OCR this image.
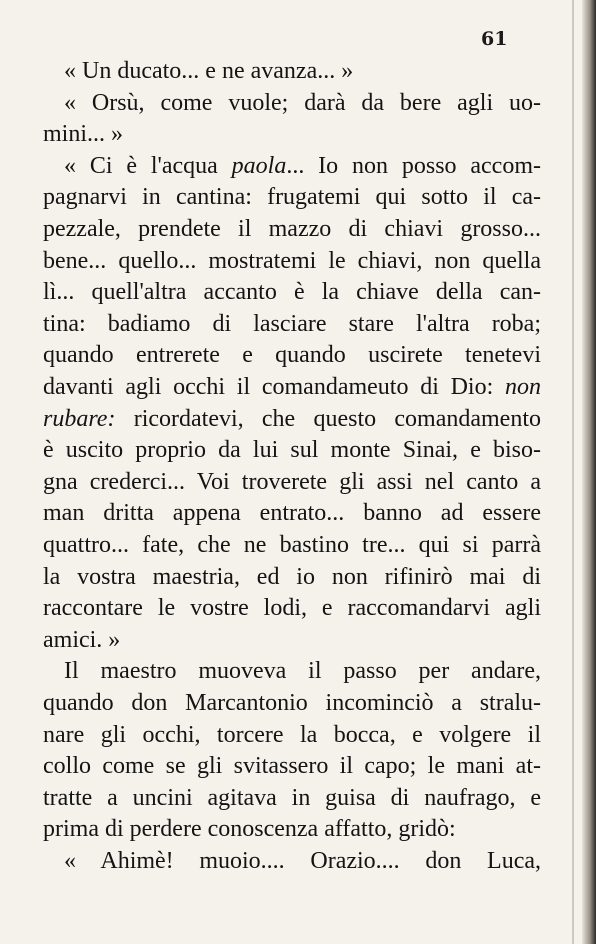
61
« Un ducato... e ne avanza... »
« Orsù, come vuole; darà da bere agli uo-
mini... »
« Ci è l'acqua paola... Io non posso accom-
pagnarvi in cantina: frugatemi qui sotto il ca-
pezzale, prendete il mazzo di chiavi grosso...
bene... quello... mostratemi le chiavi, non quella
lì... quell'altra accanto è la chiave della can-
tina: badiamo di lasciare stare l'altra roba;
quando entrerete e quando uscirete tenetevi
davanti agli occhi il comandameuto di Dio: non
rubare: ricordatevi, che questo comandamento
è uscito proprio da lui sul monte Sinai, e biso-
gna crederci... Voi troverete gli assi nel canto a
man dritta appena entrato... banno ad essere
quattro... fate, che ne bastino tre... qui si parrà
la vostra maestria, ed io non rifinirò mai di
raccontare le vostre lodi, e raccomandarvi agli
amici. »
Il maestro muoveva il passo per andare,
quando don Marcantonio incominciò a stralu-
nare gli occhi, torcere la bocca, e volgere il
collo come se gli svitassero il capo; le mani at-
tratte a uncini agitava in guisa di naufrago, e
prima di perdere conoscenza affatto, gridò:
« Ahimè! muoio.... Orazio.... don Luca,
